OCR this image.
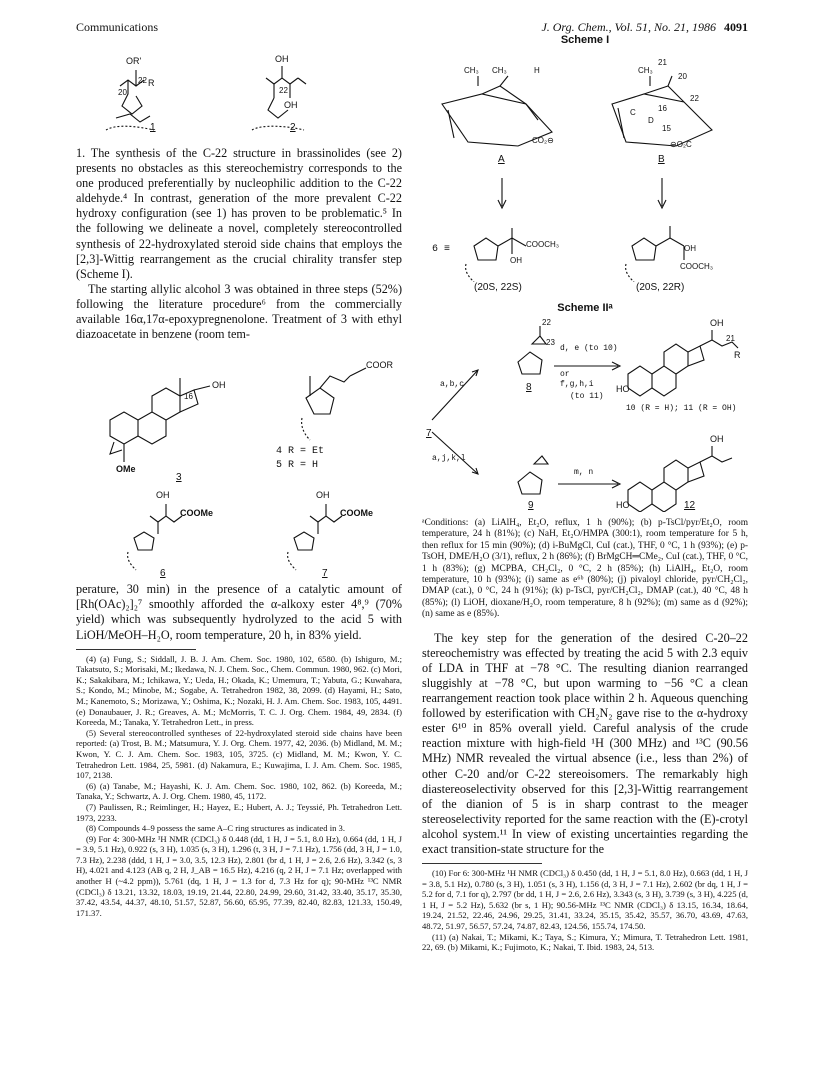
Communications	J. Org. Chem., Vol. 51, No. 21, 1986 4091
OR'
22
20
R
OH
22
OH
1	2

1. The synthesis of the C-22 structure in brassinolides (see 2) presents no obstacles as this stereochemistry corresponds to the one produced preferentially by nucleophilic addition to the C-22 aldehyde.⁴ In contrast, generation of the more prevalent C-22 hydroxy configuration (see 1) has proven to be problematic.⁵ In the following we delineate a novel, completely stereocontrolled synthesis of 22-hydroxylated steroid side chains that employs the [2,3]-Wittig rearrangement as the crucial chirality transfer step (Scheme I).

The starting allylic alcohol 3 was obtained in three steps (52%) following the literature procedure⁶ from the commercially available 16α,17α-epoxypregnenolone. Treatment of 3 with ethyl diazoacetate in benzene (room tem-

16
OH
OMe
3
COOR
4 R = Et
5 R = H
OH
COOMe
6
OH
COOMe
7

perature, 30 min) in the presence of a catalytic amount of [Rh(OAc)₂]₂⁷ smoothly afforded the α-alkoxy ester 4⁸,⁹ (70% yield) which was subsequently hydrolyzed to the acid 5 with LiOH/MeOH–H₂O, room temperature, 20 h, in 83% yield.

(4) (a) Fung, S.; Siddall, J. B. J. Am. Chem. Soc. 1980, 102, 6580. (b) Ishiguro, M.; Takatsuto, S.; Morisaki, M.; Ikedawa, N. J. Chem. Soc., Chem. Commun. 1980, 962. (c) Mori, K.; Sakakibara, M.; Ichikawa, Y.; Ueda, H.; Okada, K.; Umemura, T.; Yabuta, G.; Kuwahara, S.; Kondo, M.; Minobe, M.; Sogabe, A. Tetrahedron 1982, 38, 2099. (d) Hayami, H.; Sato, M.; Kanemoto, S.; Morizawa, Y.; Oshima, K.; Nozaki, H. J. Am. Chem. Soc. 1983, 105, 4491. (e) Donaubauer, J. R.; Greaves, A. M.; McMorris, T. C. J. Org. Chem. 1984, 49, 2834. (f) Koreeda, M.; Tanaka, Y. Tetrahedron Lett., in press.

(5) Several stereocontrolled syntheses of 22-hydroxylated steroid side chains have been reported: (a) Trost, B. M.; Matsumura, Y. J. Org. Chem. 1977, 42, 2036. (b) Midland, M. M.; Kwon, Y. C. J. Am. Chem. Soc. 1983, 105, 3725. (c) Midland, M. M.; Kwon, Y. C. Tetrahedron Lett. 1984, 25, 5981. (d) Nakamura, E.; Kuwajima, I. J. Am. Chem. Soc. 1985, 107, 2138.

(6) (a) Tanabe, M.; Hayashi, K. J. Am. Chem. Soc. 1980, 102, 862. (b) Koreeda, M.; Tanaka, Y.; Schwartz, A. J. Org. Chem. 1980, 45, 1172.

(7) Paulissen, R.; Reimlinger, H.; Hayez, E.; Hubert, A. J.; Teyssié, Ph. Tetrahedron Lett. 1973, 2233.

(8) Compounds 4–9 possess the same A–C ring structures as indicated in 3.

(9) For 4: 300-MHz ¹H NMR (CDCl₃) δ 0.448 (dd, 1 H, J = 5.1, 8.0 Hz), 0.664 (dd, 1 H, J = 3.9, 5.1 Hz), 0.922 (s, 3 H), 1.035 (s, 3 H), 1.296 (t, 3 H, J = 7.1 Hz), 1.756 (dd, 3 H, J = 1.0, 7.3 Hz), 2.238 (ddd, 1 H, J = 3.0, 3.5, 12.3 Hz), 2.801 (br d, 1 H, J = 2.6, 2.6 Hz), 3.342 (s, 3 H), 4.021 and 4.123 (AB q, 2 H, J_AB = 16.5 Hz), 4.216 (q, 2 H, J = 7.1 Hz; overlapped with another H (~4.2 ppm)), 5.761 (dq, 1 H, J = 1.3 for d, 7.3 Hz for q); 90-MHz ¹³C NMR (CDCl₃) δ 13.21, 13.32, 18.03, 19.19, 21.44, 22.80, 24.99, 29.60, 31.42, 33.40, 35.17, 35.30, 37.42, 43.54, 44.37, 48.10, 51.57, 52.87, 56.60, 65.95, 77.39, 82.40, 82.83, 121.33, 150.49, 171.37.

Scheme I
CH₃ CH₃	H
CO₂⊖
A
CH₃
21
20
22
C
D
16
15
⊖O₂C
B
6 ≡	COOCH₃
OH
OH
COOCH₃
(20S, 22S)	(20S, 22R)
Scheme IIᵃ
a,b,c
a,j,k,l
d, e (to 10)
or
f,g,h,i
(to 11)
m, n
22
23
8
7
9
OH
R
21
HO
10 (R = H); 11 (R = OH)
OH
HO	12
ᵃConditions: (a) LiAlH₄, Et₂O, reflux, 1 h (90%); (b) p-TsCl/pyr/Et₂O, room temperature, 24 h (81%); (c) NaH, Et₂O/HMPA (300:1), room temperature for 5 h, then reflux for 15 min (90%); (d) i-BuMgCl, CuI (cat.), THF, 0 °C, 1 h (93%); (e) p-TsOH, DME/H₂O (3/1), reflux, 2 h (86%); (f) BrMgCH═CMe₂, CuI (cat.), THF, 0 °C, 1 h (83%); (g) MCPBA, CH₂Cl₂, 0 °C, 2 h (85%); (h) LiAlH₄, Et₂O, room temperature, 10 h (93%); (i) same as e⁶ᵇ (80%); (j) pivaloyl chloride, pyr/CH₂Cl₂, DMAP (cat.), 0 °C, 24 h (91%); (k) p-TsCl, pyr/CH₂Cl₂, DMAP (cat.), 40 °C, 48 h (85%); (l) LiOH, dioxane/H₂O, room temperature, 8 h (92%); (m) same as d (92%); (n) same as e (85%).

The key step for the generation of the desired C-20–22 stereochemistry was effected by treating the acid 5 with 2.3 equiv of LDA in THF at −78 °C. The resulting dianion rearranged sluggishly at −78 °C, but upon warming to −56 °C a clean rearrangement reaction took place within 2 h. Aqueous quenching followed by esterification with CH₂N₂ gave rise to the α-hydroxy ester 6¹⁰ in 85% overall yield. Careful analysis of the crude reaction mixture with high-field ¹H (300 MHz) and ¹³C (90.56 MHz) NMR revealed the virtual absence (i.e., less than 2%) of other C-20 and/or C-22 stereoisomers. The remarkably high diastereoselectivity observed for this [2,3]-Wittig rearrangement of the dianion of 5 is in sharp contrast to the meager stereoselectivity reported for the same reaction with the (E)-crotyl alcohol system.¹¹ In view of existing uncertainties regarding the exact transition-state structure for the

(10) For 6: 300-MHz ¹H NMR (CDCl₃) δ 0.450 (dd, 1 H, J = 5.1, 8.0 Hz), 0.663 (dd, 1 H, J = 3.8, 5.1 Hz), 0.780 (s, 3 H), 1.051 (s, 3 H), 1.156 (d, 3 H, J = 7.1 Hz), 2.602 (br dq, 1 H, J = 5.2 for d, 7.1 for q), 2.797 (br dd, 1 H, J = 2.6, 2.6 Hz), 3.343 (s, 3 H), 3.739 (s, 3 H), 4.225 (d, 1 H, J = 5.2 Hz), 5.632 (br s, 1 H); 90.56-MHz ¹³C NMR (CDCl₃) δ 13.15, 16.34, 18.64, 19.24, 21.52, 22.46, 24.96, 29.25, 31.41, 33.24, 35.15, 35.42, 35.57, 36.70, 43.69, 47.63, 48.72, 51.97, 56.57, 57.24, 74.87, 82.43, 124.56, 155.74, 174.50.

(11) (a) Nakai, T.; Mikami, K.; Taya, S.; Kimura, Y.; Mimura, T. Tetrahedron Lett. 1981, 22, 69. (b) Mikami, K.; Fujimoto, K.; Nakai, T. Ibid. 1983, 24, 513.
